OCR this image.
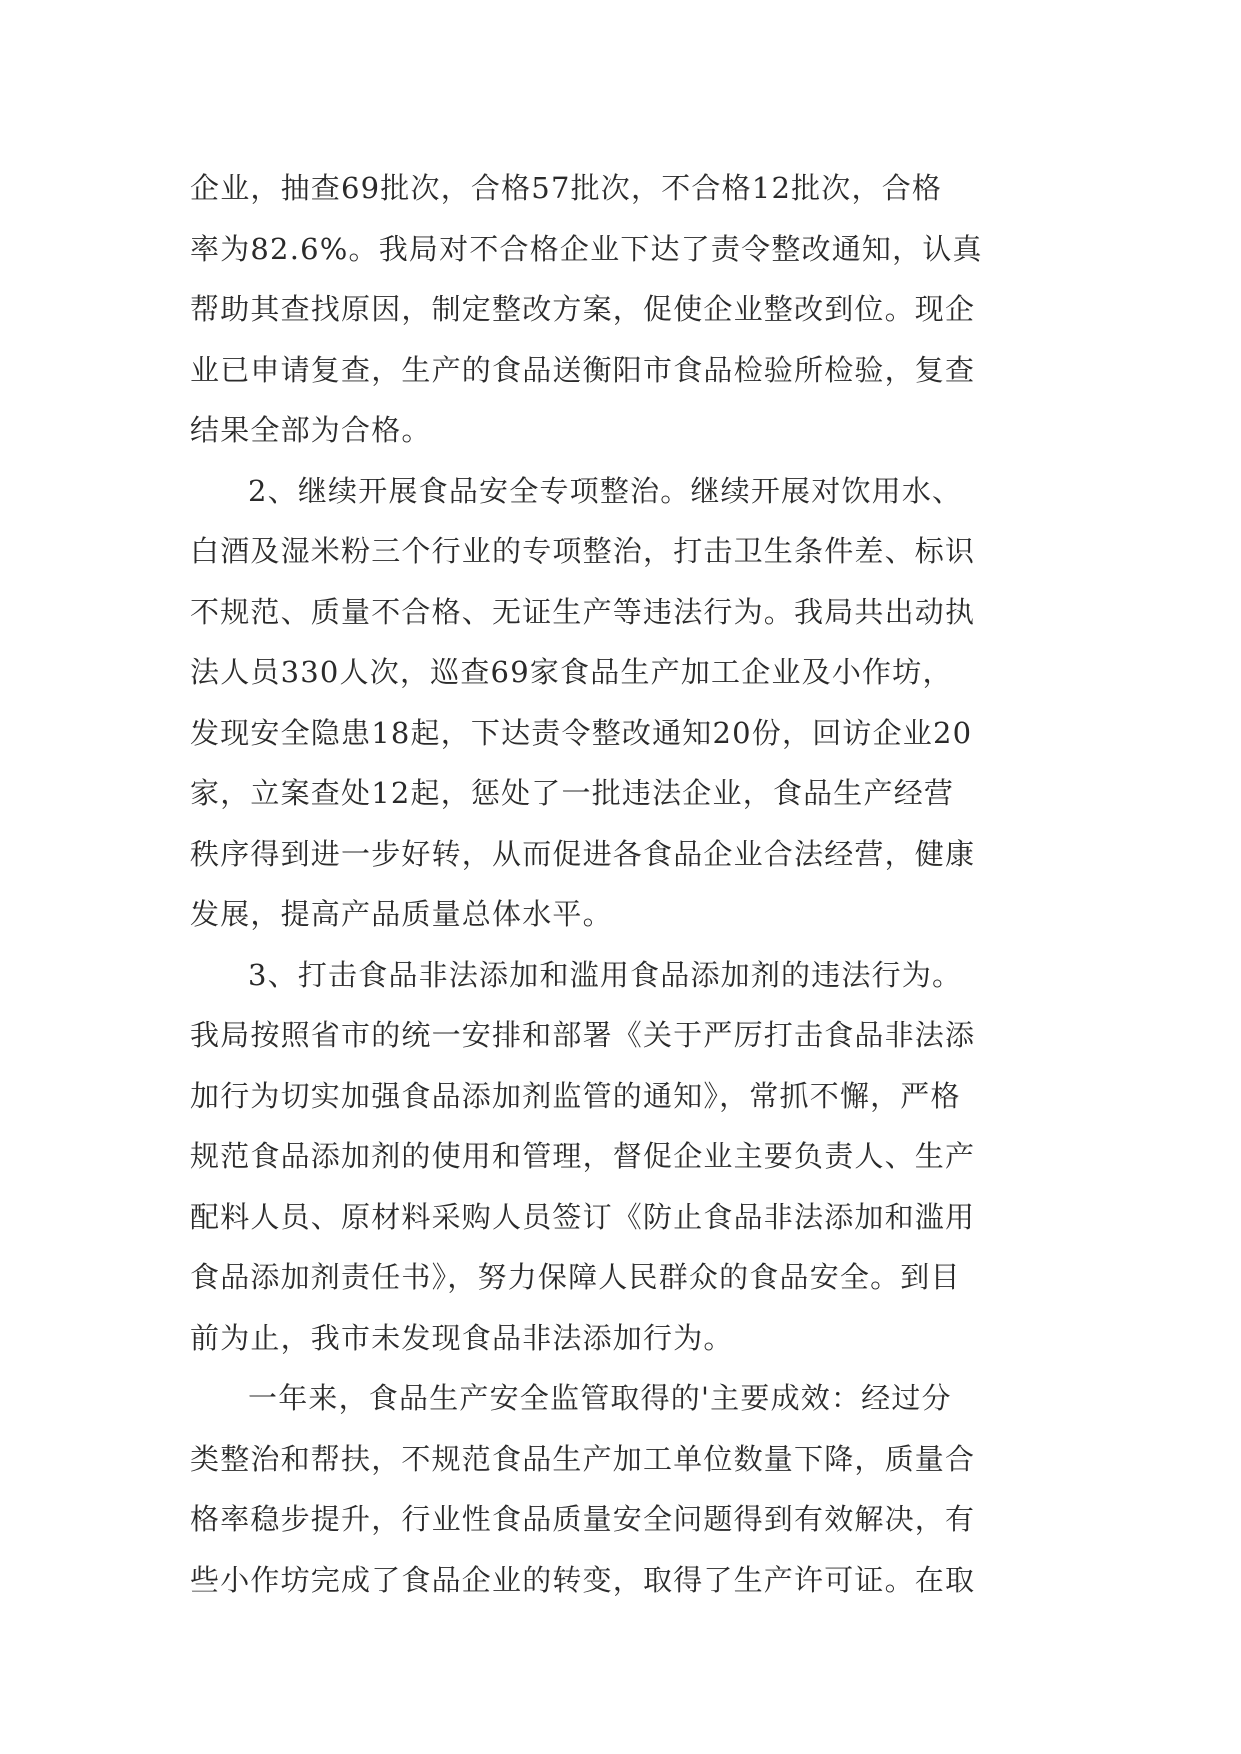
企业，抽查69批次，合格57批次，不合格12批次，合格
率为82.6%。我局对不合格企业下达了责令整改通知，认真
帮助其查找原因，制定整改方案，促使企业整改到位。现企
业已申请复查，生产的食品送衡阳市食品检验所检验，复查
结果全部为合格。
2、继续开展食品安全专项整治。继续开展对饮用水、
白酒及湿米粉三个行业的专项整治，打击卫生条件差、标识
不规范、质量不合格、无证生产等违法行为。我局共出动执
法人员330人次，巡查69家食品生产加工企业及小作坊，
发现安全隐患18起，下达责令整改通知20份，回访企业20
家，立案查处12起，惩处了一批违法企业，食品生产经营
秩序得到进一步好转，从而促进各食品企业合法经营，健康
发展，提高产品质量总体水平。
3、打击食品非法添加和滥用食品添加剂的违法行为。
我局按照省市的统一安排和部署《关于严厉打击食品非法添
加行为切实加强食品添加剂监管的通知》，常抓不懈，严格
规范食品添加剂的使用和管理，督促企业主要负责人、生产
配料人员、原材料采购人员签订《防止食品非法添加和滥用
食品添加剂责任书》，努力保障人民群众的食品安全。到目
前为止，我市未发现食品非法添加行为。
一年来，食品生产安全监管取得的'主要成效：经过分
类整治和帮扶，不规范食品生产加工单位数量下降，质量合
格率稳步提升，行业性食品质量安全问题得到有效解决，有
些小作坊完成了食品企业的转变，取得了生产许可证。在取
